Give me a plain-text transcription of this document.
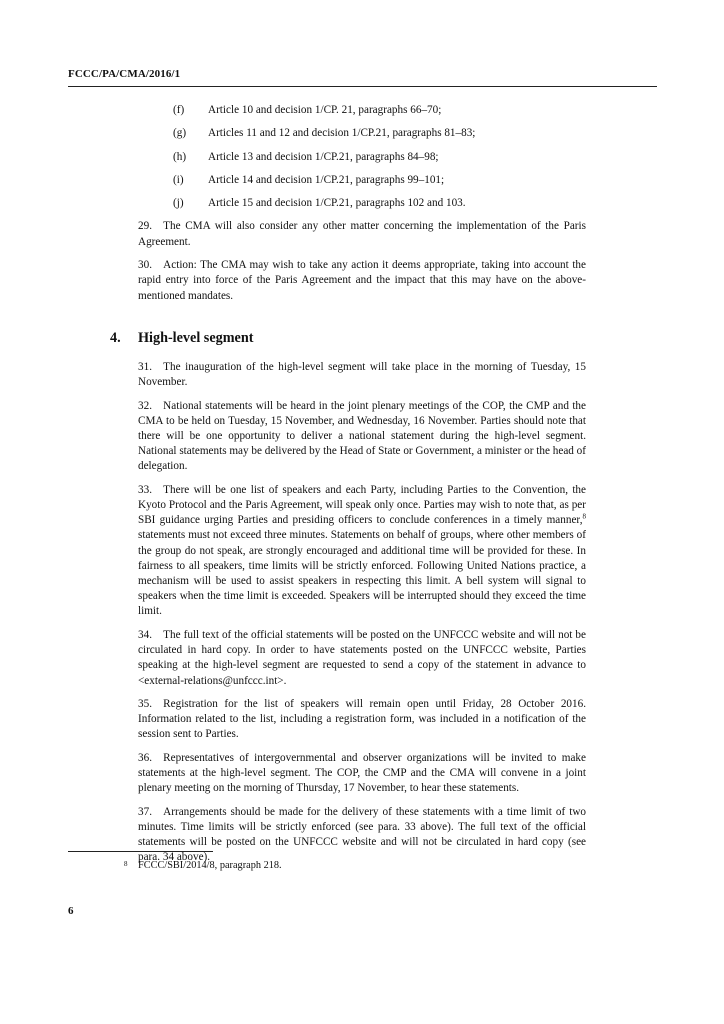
FCCC/PA/CMA/2016/1
(f) Article 10 and decision 1/CP. 21, paragraphs 66–70;
(g) Articles 11 and 12 and decision 1/CP.21, paragraphs 81–83;
(h) Article 13 and decision 1/CP.21, paragraphs 84–98;
(i) Article 14 and decision 1/CP.21, paragraphs 99–101;
(j) Article 15 and decision 1/CP.21, paragraphs 102 and 103.

29. The CMA will also consider any other matter concerning the implementation of the Paris Agreement.

30. Action: The CMA may wish to take any action it deems appropriate, taking into account the rapid entry into force of the Paris Agreement and the impact that this may have on the above-mentioned mandates.

4. High-level segment

31. The inauguration of the high-level segment will take place in the morning of Tuesday, 15 November.

32. National statements will be heard in the joint plenary meetings of the COP, the CMP and the CMA to be held on Tuesday, 15 November, and Wednesday, 16 November. Parties should note that there will be one opportunity to deliver a national statement during the high-level segment. National statements may be delivered by the Head of State or Government, a minister or the head of delegation.

33. There will be one list of speakers and each Party, including Parties to the Convention, the Kyoto Protocol and the Paris Agreement, will speak only once. Parties may wish to note that, as per SBI guidance urging Parties and presiding officers to conclude conferences in a timely manner,$^8$ statements must not exceed three minutes. Statements on behalf of groups, where other members of the group do not speak, are strongly encouraged and additional time will be provided for these. In fairness to all speakers, time limits will be strictly enforced. Following United Nations practice, a mechanism will be used to assist speakers in respecting this limit. A bell system will signal to speakers when the time limit is exceeded. Speakers will be interrupted should they exceed the time limit.

34. The full text of the official statements will be posted on the UNFCCC website and will not be circulated in hard copy. In order to have statements posted on the UNFCCC website, Parties speaking at the high-level segment are requested to send a copy of the statement in advance to <external-relations@unfccc.int>.

35. Registration for the list of speakers will remain open until Friday, 28 October 2016. Information related to the list, including a registration form, was included in a notification of the session sent to Parties.

36. Representatives of intergovernmental and observer organizations will be invited to make statements at the high-level segment. The COP, the CMP and the CMA will convene in a joint plenary meeting on the morning of Thursday, 17 November, to hear these statements.

37. Arrangements should be made for the delivery of these statements with a time limit of two minutes. Time limits will be strictly enforced (see para. 33 above). The full text of the official statements will be posted on the UNFCCC website and will not be circulated in hard copy (see para. 34 above).

8 FCCC/SBI/2014/8, paragraph 218.
6
